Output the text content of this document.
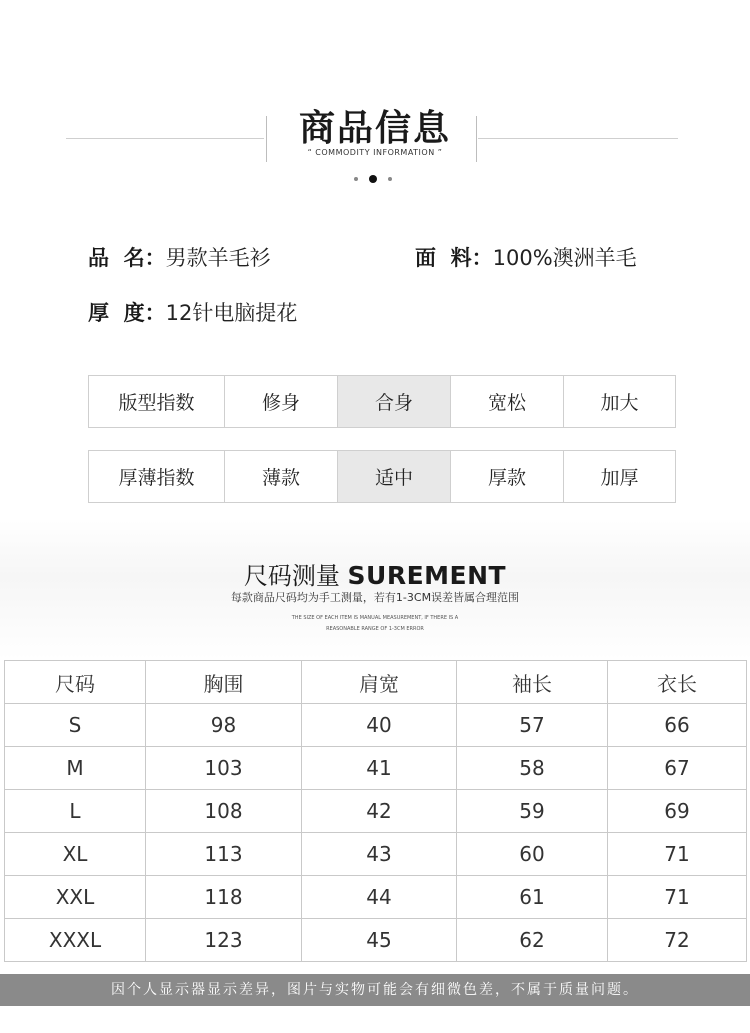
商品信息
“ COMMODITY INFORMATION ”
品  名：男款羊毛衫	面  料：100%澳洲羊毛
厚  度：12针电脑提花
版型指数	修身	合身	宽松	加大
厚薄指数	薄款	适中	厚款	加厚
尺码测量 SUREMENT
每款商品尺码均为手工测量，若有1-3CM误差皆属合理范围
THE SIZE OF EACH ITEM IS MANUAL MEASUREMENT, IF THERE IS A
REASONABLE RANGE OF 1-3CM ERROR
尺码	胸围	肩宽	袖长	衣长
S	98	40	57	66
M	103	41	58	67
L	108	42	59	69
XL	113	43	60	71
XXL	118	44	61	71
XXXL	123	45	62	72
因个人显示器显示差异，图片与实物可能会有细微色差，不属于质量问题。
